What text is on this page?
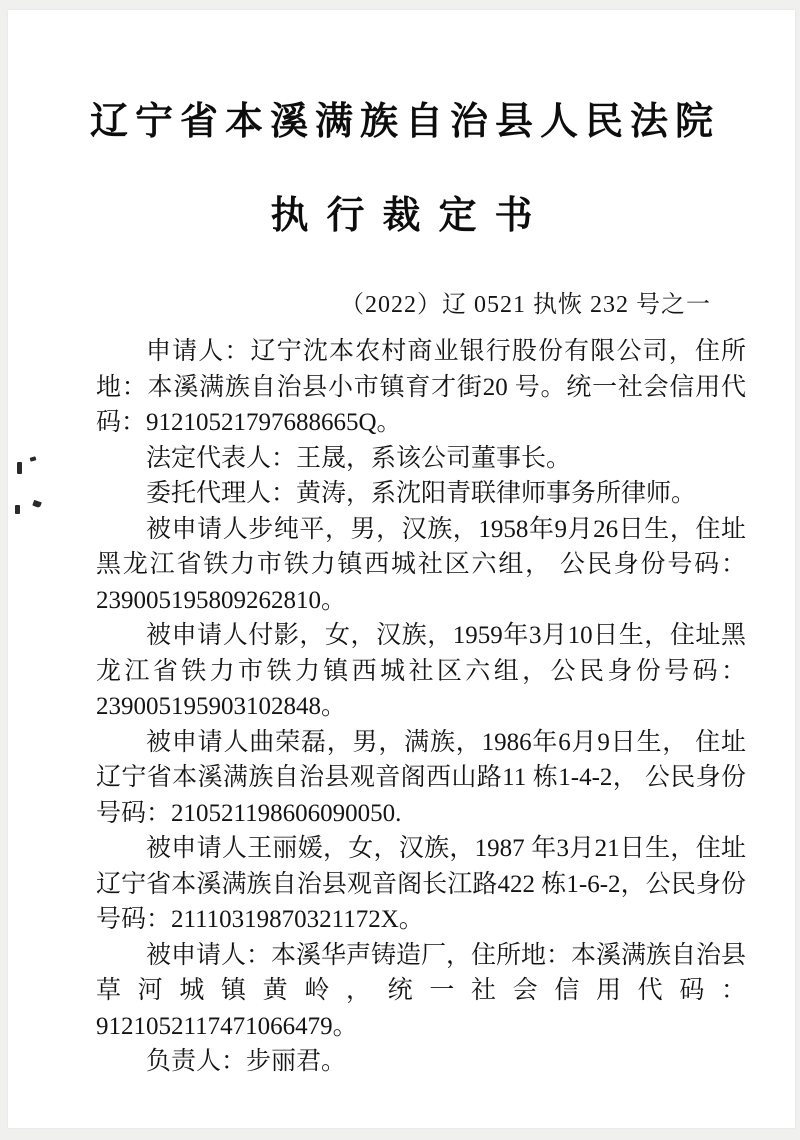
辽宁省本溪满族自治县人民法院
执行裁定书
（2022）辽 0521 执恢 232 号之一

申请人：辽宁沈本农村商业银行股份有限公司，住所地：本溪满族自治县小市镇育才街20 号。统一社会信用代码：91210521797688665Q。

法定代表人：王晟，系该公司董事长。

委托代理人：黄涛，系沈阳青联律师事务所律师。

被申请人步纯平，男，汉族，1958年9月26日生，住址黑龙江省铁力市铁力镇西城社区六组， 公民身份号码：239005195809262810。

被申请人付影，女，汉族，1959年3月10日生，住址黑龙江省铁力市铁力镇西城社区六组，公民身份号码：239005195903102848。

被申请人曲荣磊，男，满族，1986年6月9日生， 住址辽宁省本溪满族自治县观音阁西山路11 栋1-4-2， 公民身份号码：210521198606090050.

被申请人王丽媛，女，汉族，1987 年3月21日生，住址辽宁省本溪满族自治县观音阁长江路422 栋1-6-2，公民身份号码：21110319870321172X。

被申请人：本溪华声铸造厂，住所地：本溪满族自治县草河城镇黄岭，统一社会信用代码：9121052117471066479。

负责人：步丽君。
